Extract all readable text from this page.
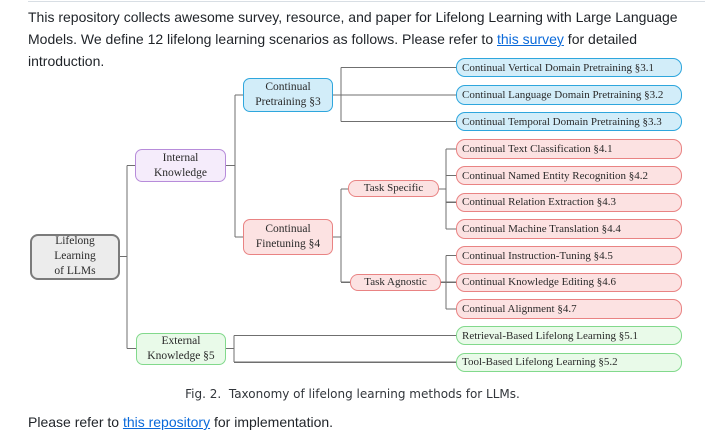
This repository collects awesome survey, resource, and paper for Lifelong Learning with Large Language Models. We define 12 lifelong learning scenarios as follows. Please refer to this survey for detailed introduction.

Lifelong
Learning
of LLMs
Internal
Knowledge
Continual
Pretraining §3
Continual
Finetuning §4
Task Specific
Task Agnostic
External
Knowledge §5
Continual Vertical Domain Pretraining §3.1
Continual Language Domain Pretraining §3.2
Continual Temporal Domain Pretraining §3.3
Continual Text Classification §4.1
Continual Named Entity Recognition §4.2
Continual Relation Extraction §4.3
Continual Machine Translation §4.4
Continual Instruction-Tuning §4.5
Continual Knowledge Editing §4.6
Continual Alignment §4.7
Retrieval-Based Lifelong Learning §5.1
Tool-Based Lifelong Learning §5.2
Fig. 2.  Taxonomy of lifelong learning methods for LLMs.

Please refer to this repository for implementation.
